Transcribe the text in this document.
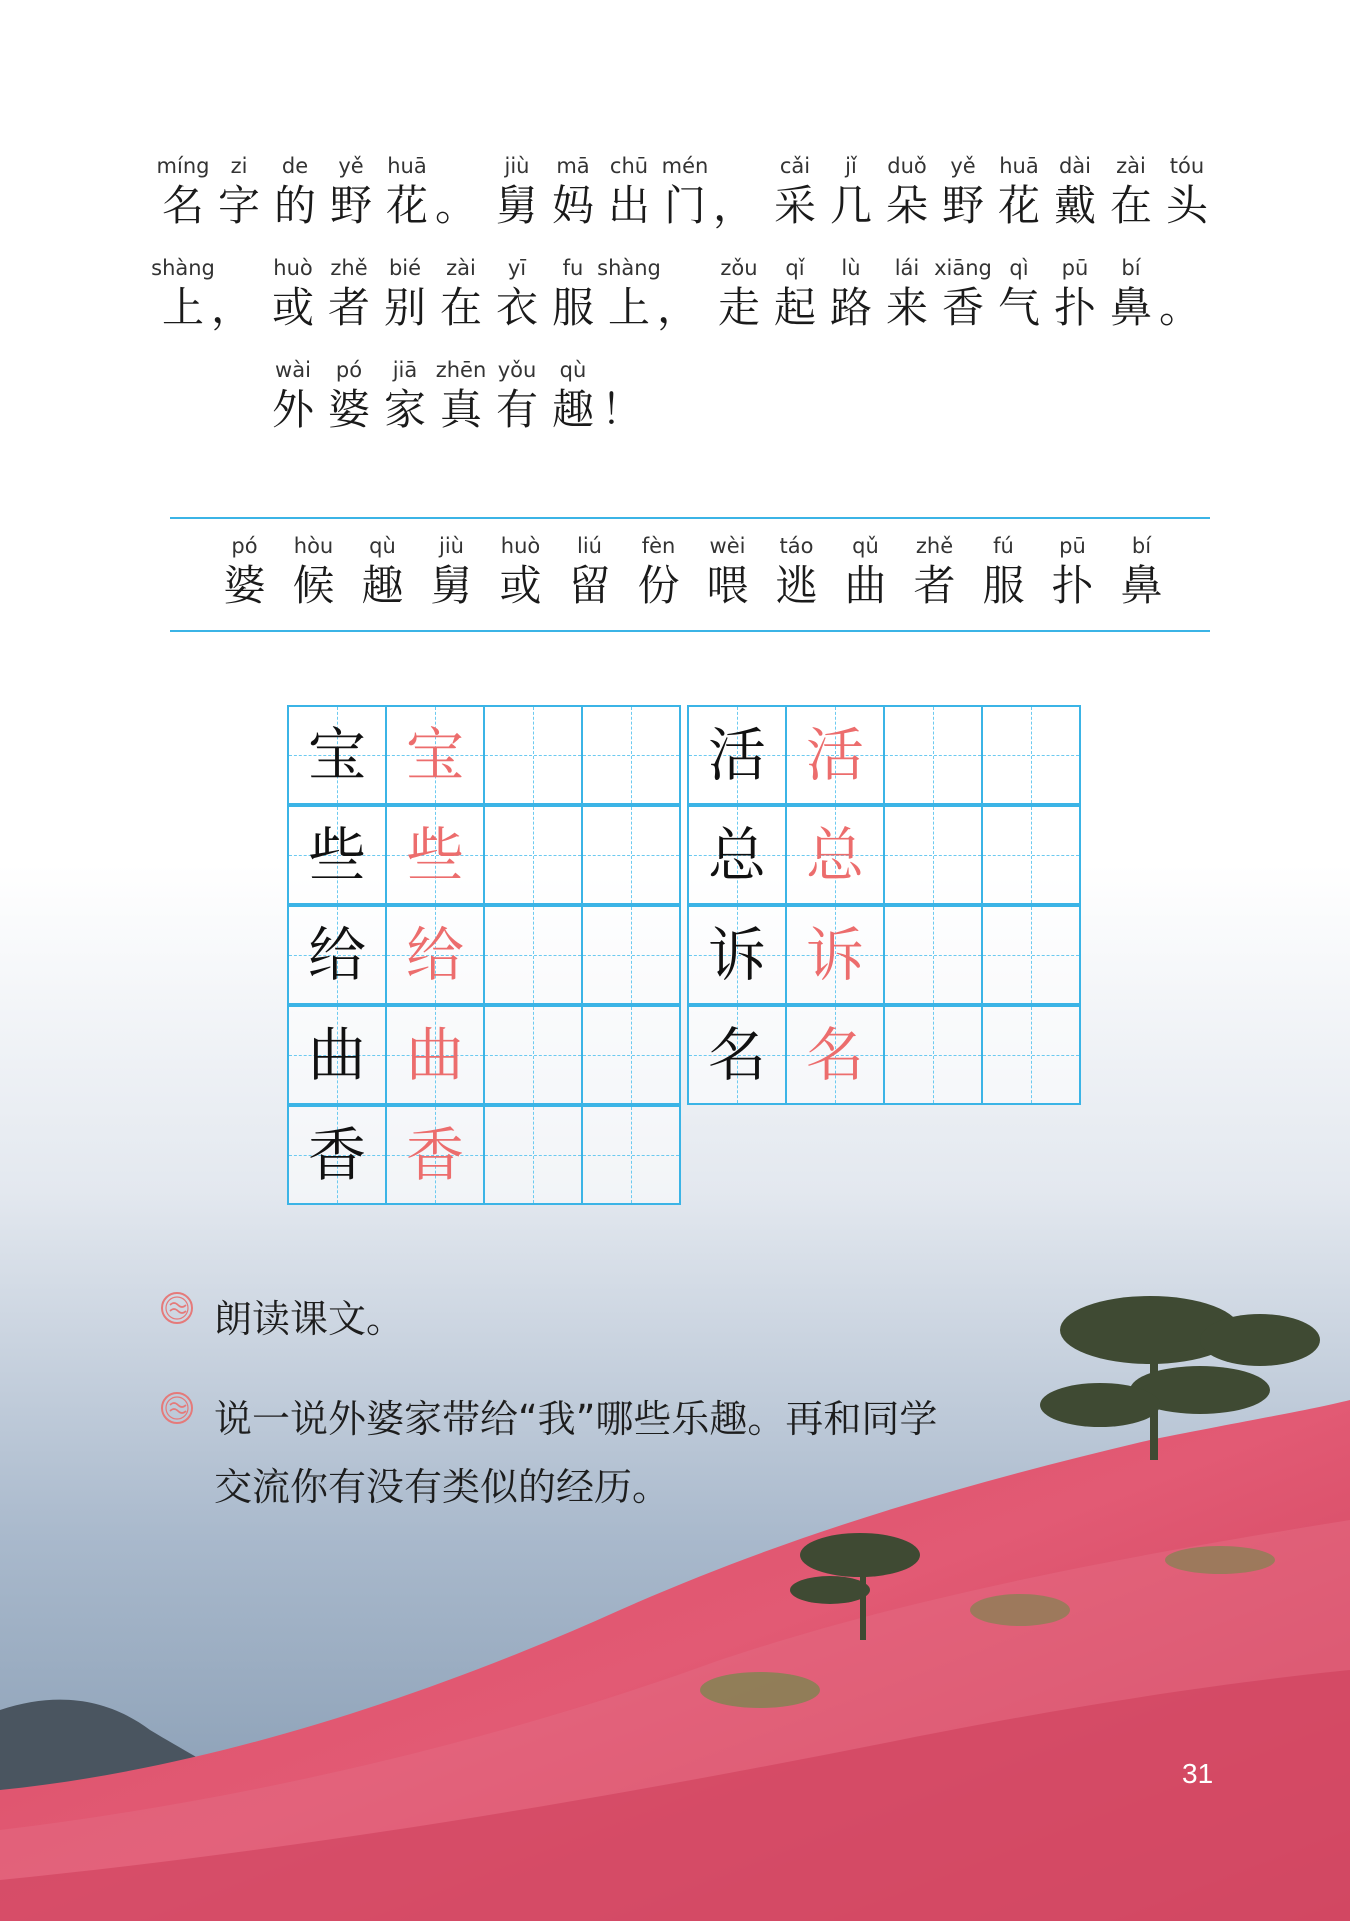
míng
名
zi
字
de
的
yě
野
huā
花 。
jiù
舅
mā
妈
chū
出
mén
门 ，
cǎi
采
jǐ
几
duǒ
朵
yě
野
huā
花
dài
戴
zài
在
tóu
头
shàng
上 ，
huò
或
zhě
者
bié
别
zài
在
yī
衣
fu
服
shàng
上 ，
zǒu
走
qǐ
起
lù
路
lái
来
xiāng
香
qì
气
pū
扑
bí
鼻 。
wài
外
pó
婆
jiā
家
zhēn
真
yǒu
有
qù
趣 ！
pó
婆
hòu
候
qù
趣
jiù
舅
huò
或
liú
留
fèn
份
wèi
喂
táo
逃
qǔ
曲
zhě
者
fú
服
pū
扑
bí
鼻
宝 宝
些 些
给 给
曲 曲
香 香
活 活
总 总
诉 诉
名 名
朗读课文。
说一说外婆家带给“我”哪些乐趣。再和同学交流你有没有类似的经历。
31
